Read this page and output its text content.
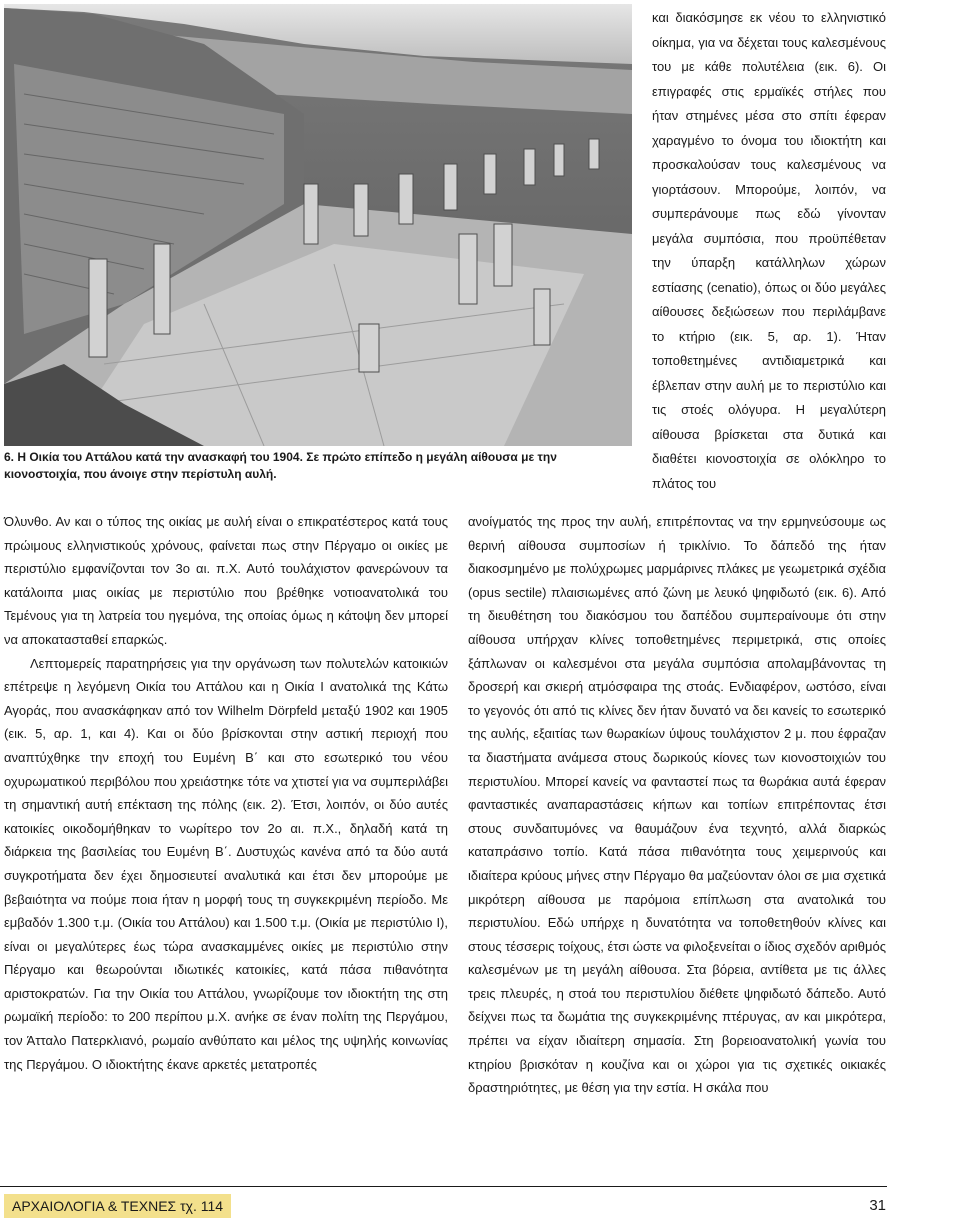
6. Η Οικία του Αττάλου κατά την ανασκαφή του 1904. Σε πρώτο επίπεδο η μεγάλη αίθουσα με την κιονοστοιχία, που άνοιγε στην περίστυλη αυλή.

και διακόσμησε εκ νέου το ελληνιστικό οίκημα, για να δέχεται τους καλεσμένους του με κάθε πολυτέλεια (εικ. 6). Οι επιγραφές στις ερμαϊκές στήλες που ήταν στημένες μέσα στο σπίτι έφεραν χαραγμένο το όνομα του ιδιοκτήτη και προσκαλούσαν τους καλεσμένους να γιορτάσουν. Μπορούμε, λοιπόν, να συμπεράνουμε πως εδώ γίνονταν μεγάλα συμπόσια, που προϋπέθεταν την ύπαρξη κατάλληλων χώρων εστίασης (cenatio), όπως οι δύο μεγάλες αίθουσες δεξιώσεων που περιλάμβανε το κτήριο (εικ. 5, αρ. 1). Ήταν τοποθετημένες αντιδιαμετρικά και έβλεπαν στην αυλή με το περιστύλιο και τις στοές ολόγυρα. Η μεγαλύτερη αίθουσα βρίσκεται στα δυτικά και διαθέτει κιονοστοιχία σε ολόκληρο το πλάτος του

Όλυνθο. Αν και ο τύπος της οικίας με αυλή είναι ο επικρατέστερος κατά τους πρώιμους ελληνιστικούς χρόνους, φαίνεται πως στην Πέργαμο οι οικίες με περιστύλιο εμφανίζονται τον 3ο αι. π.Χ. Αυτό τουλάχιστον φανερώνουν τα κατάλοιπα μιας οικίας με περιστύλιο που βρέθηκε νοτιοανατολικά του Τεμένους για τη λατρεία του ηγεμόνα, της οποίας όμως η κάτοψη δεν μπορεί να αποκατασταθεί επαρκώς.

Λεπτομερείς παρατηρήσεις για την οργάνωση των πολυτελών κατοικιών επέτρεψε η λεγόμενη Οικία του Αττάλου και η Οικία Ι ανατολικά της Κάτω Αγοράς, που ανασκάφηκαν από τον Wilhelm Dörpfeld μεταξύ 1902 και 1905 (εικ. 5, αρ. 1, και 4). Και οι δύο βρίσκονται στην αστική περιοχή που αναπτύχθηκε την εποχή του Ευμένη Β΄ και στο εσωτερικό του νέου οχυρωματικού περιβόλου που χρειάστηκε τότε να χτιστεί για να συμπεριλάβει τη σημαντική αυτή επέκταση της πόλης (εικ. 2). Έτσι, λοιπόν, οι δύο αυτές κατοικίες οικοδομήθηκαν το νωρίτερο τον 2ο αι. π.Χ., δηλαδή κατά τη διάρκεια της βασιλείας του Ευμένη Β΄. Δυστυχώς κανένα από τα δύο αυτά συγκροτήματα δεν έχει δημοσιευτεί αναλυτικά και έτσι δεν μπορούμε με βεβαιότητα να πούμε ποια ήταν η μορφή τους τη συγκεκριμένη περίοδο. Με εμβαδόν 1.300 τ.μ. (Οικία του Αττάλου) και 1.500 τ.μ. (Οικία με περιστύλιο Ι), είναι οι μεγαλύτερες έως τώρα ανασκαμμένες οικίες με περιστύλιο στην Πέργαμο και θεωρούνται ιδιωτικές κατοικίες, κατά πάσα πιθανότητα αριστοκρατών. Για την Οικία του Αττάλου, γνωρίζουμε τον ιδιοκτήτη της στη ρωμαϊκή περίοδο: το 200 περίπου μ.Χ. ανήκε σε έναν πολίτη της Περγάμου, τον Άτταλο Πατερκλιανό, ρωμαίο ανθύπατο και μέλος της υψηλής κοινωνίας της Περγάμου. Ο ιδιοκτήτης έκανε αρκετές μετατροπές

ανοίγματός της προς την αυλή, επιτρέποντας να την ερμηνεύσουμε ως θερινή αίθουσα συμποσίων ή τρικλίνιο. Το δάπεδό της ήταν διακοσμημένο με πολύχρωμες μαρμάρινες πλάκες με γεωμετρικά σχέδια (opus sectile) πλαισιωμένες από ζώνη με λευκό ψηφιδωτό (εικ. 6). Από τη διευθέτηση του διακόσμου του δαπέδου συμπεραίνουμε ότι στην αίθουσα υπήρχαν κλίνες τοποθετημένες περιμετρικά, στις οποίες ξάπλωναν οι καλεσμένοι στα μεγάλα συμπόσια απολαμβάνοντας τη δροσερή και σκιερή ατμόσφαιρα της στοάς. Ενδιαφέρον, ωστόσο, είναι το γεγονός ότι από τις κλίνες δεν ήταν δυνατό να δει κανείς το εσωτερικό της αυλής, εξαιτίας των θωρακίων ύψους τουλάχιστον 2 μ. που έφραζαν τα διαστήματα ανάμεσα στους δωρικούς κίονες των κιονοστοιχιών του περιστυλίου. Μπορεί κανείς να φανταστεί πως τα θωράκια αυτά έφεραν φανταστικές αναπαραστάσεις κήπων και τοπίων επιτρέποντας έτσι στους συνδαιτυμόνες να θαυμάζουν ένα τεχνητό, αλλά διαρκώς καταπράσινο τοπίο. Κατά πάσα πιθανότητα τους χειμερινούς και ιδιαίτερα κρύους μήνες στην Πέργαμο θα μαζεύονταν όλοι σε μια σχετικά μικρότερη αίθουσα με παρόμοια επίπλωση στα ανατολικά του περιστυλίου. Εδώ υπήρχε η δυνατότητα να τοποθετηθούν κλίνες και στους τέσσερις τοίχους, έτσι ώστε να φιλοξενείται ο ίδιος σχεδόν αριθμός καλεσμένων με τη μεγάλη αίθουσα. Στα βόρεια, αντίθετα με τις άλλες τρεις πλευρές, η στοά του περιστυλίου διέθετε ψηφιδωτό δάπεδο. Αυτό δείχνει πως τα δωμάτια της συγκεκριμένης πτέρυγας, αν και μικρότερα, πρέπει να είχαν ιδιαίτερη σημασία. Στη βορειοανατολική γωνία του κτηρίου βρισκόταν η κουζίνα και οι χώροι για τις σχετικές οικιακές δραστηριότητες, με θέση για την εστία. Η σκάλα που

ΑΡΧΑΙΟΛΟΓΙΑ & ΤΕΧΝΕΣ τχ. 114	31
